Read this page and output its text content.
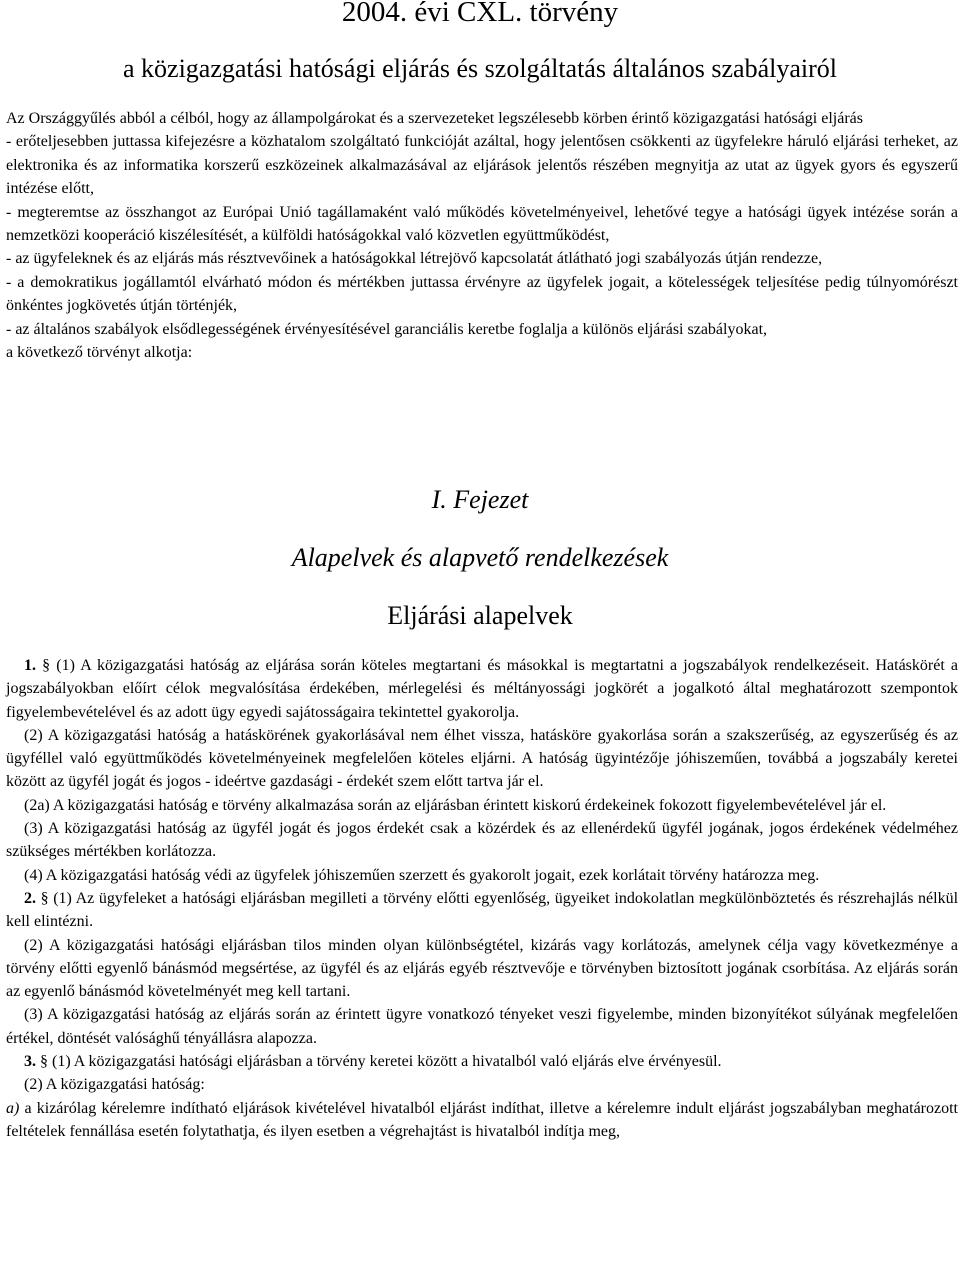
2004. évi CXL. törvény
a közigazgatási hatósági eljárás és szolgáltatás általános szabályairól

Az Országgyűlés abból a célból, hogy az állampolgárokat és a szervezeteket legszélesebb körben érintő közigazgatási hatósági eljárás

- erőteljesebben juttassa kifejezésre a közhatalom szolgáltató funkcióját azáltal, hogy jelentősen csökkenti az ügyfelekre háruló eljárási terheket, az elektronika és az informatika korszerű eszközeinek alkalmazásával az eljárások jelentős részében megnyitja az utat az ügyek gyors és egyszerű intézése előtt,

- megteremtse az összhangot az Európai Unió tagállamaként való működés követelményeivel, lehetővé tegye a hatósági ügyek intézése során a nemzetközi kooperáció kiszélesítését, a külföldi hatóságokkal való közvetlen együttműködést,

- az ügyfeleknek és az eljárás más résztvevőinek a hatóságokkal létrejövő kapcsolatát átlátható jogi szabályozás útján rendezze,

- a demokratikus jogállamtól elvárható módon és mértékben juttassa érvényre az ügyfelek jogait, a kötelességek teljesítése pedig túlnyomórészt önkéntes jogkövetés útján történjék,

- az általános szabályok elsődlegességének érvényesítésével garanciális keretbe foglalja a különös eljárási szabályokat,

a következő törvényt alkotja:

I. Fejezet
Alapelvek és alapvető rendelkezések
Eljárási alapelvek

1. § (1) A közigazgatási hatóság az eljárása során köteles megtartani és másokkal is megtartatni a jogszabályok rendelkezéseit. Hatáskörét a jogszabályokban előírt célok megvalósítása érdekében, mérlegelési és méltányossági jogkörét a jogalkotó által meghatározott szempontok figyelembevételével és az adott ügy egyedi sajátosságaira tekintettel gyakorolja.

(2) A közigazgatási hatóság a hatáskörének gyakorlásával nem élhet vissza, hatásköre gyakorlása során a szakszerűség, az egyszerűség és az ügyféllel való együttműködés követelményeinek megfelelően köteles eljárni. A hatóság ügyintézője jóhiszeműen, továbbá a jogszabály keretei között az ügyfél jogát és jogos - ideértve gazdasági - érdekét szem előtt tartva jár el.

(2a) A közigazgatási hatóság e törvény alkalmazása során az eljárásban érintett kiskorú érdekeinek fokozott figyelembevételével jár el.

(3) A közigazgatási hatóság az ügyfél jogát és jogos érdekét csak a közérdek és az ellenérdekű ügyfél jogának, jogos érdekének védelméhez szükséges mértékben korlátozza.

(4) A közigazgatási hatóság védi az ügyfelek jóhiszeműen szerzett és gyakorolt jogait, ezek korlátait törvény határozza meg.

2. § (1) Az ügyfeleket a hatósági eljárásban megilleti a törvény előtti egyenlőség, ügyeiket indokolatlan megkülönböztetés és részrehajlás nélkül kell elintézni.

(2) A közigazgatási hatósági eljárásban tilos minden olyan különbségtétel, kizárás vagy korlátozás, amelynek célja vagy következménye a törvény előtti egyenlő bánásmód megsértése, az ügyfél és az eljárás egyéb résztvevője e törvényben biztosított jogának csorbítása. Az eljárás során az egyenlő bánásmód követelményét meg kell tartani.

(3) A közigazgatási hatóság az eljárás során az érintett ügyre vonatkozó tényeket veszi figyelembe, minden bizonyítékot súlyának megfelelően értékel, döntését valósághű tényállásra alapozza.

3. § (1) A közigazgatási hatósági eljárásban a törvény keretei között a hivatalból való eljárás elve érvényesül.

(2) A közigazgatási hatóság:

a) a kizárólag kérelemre indítható eljárások kivételével hivatalból eljárást indíthat, illetve a kérelemre indult eljárást jogszabályban meghatározott feltételek fennállása esetén folytathatja, és ilyen esetben a végrehajtást is hivatalból indítja meg,
